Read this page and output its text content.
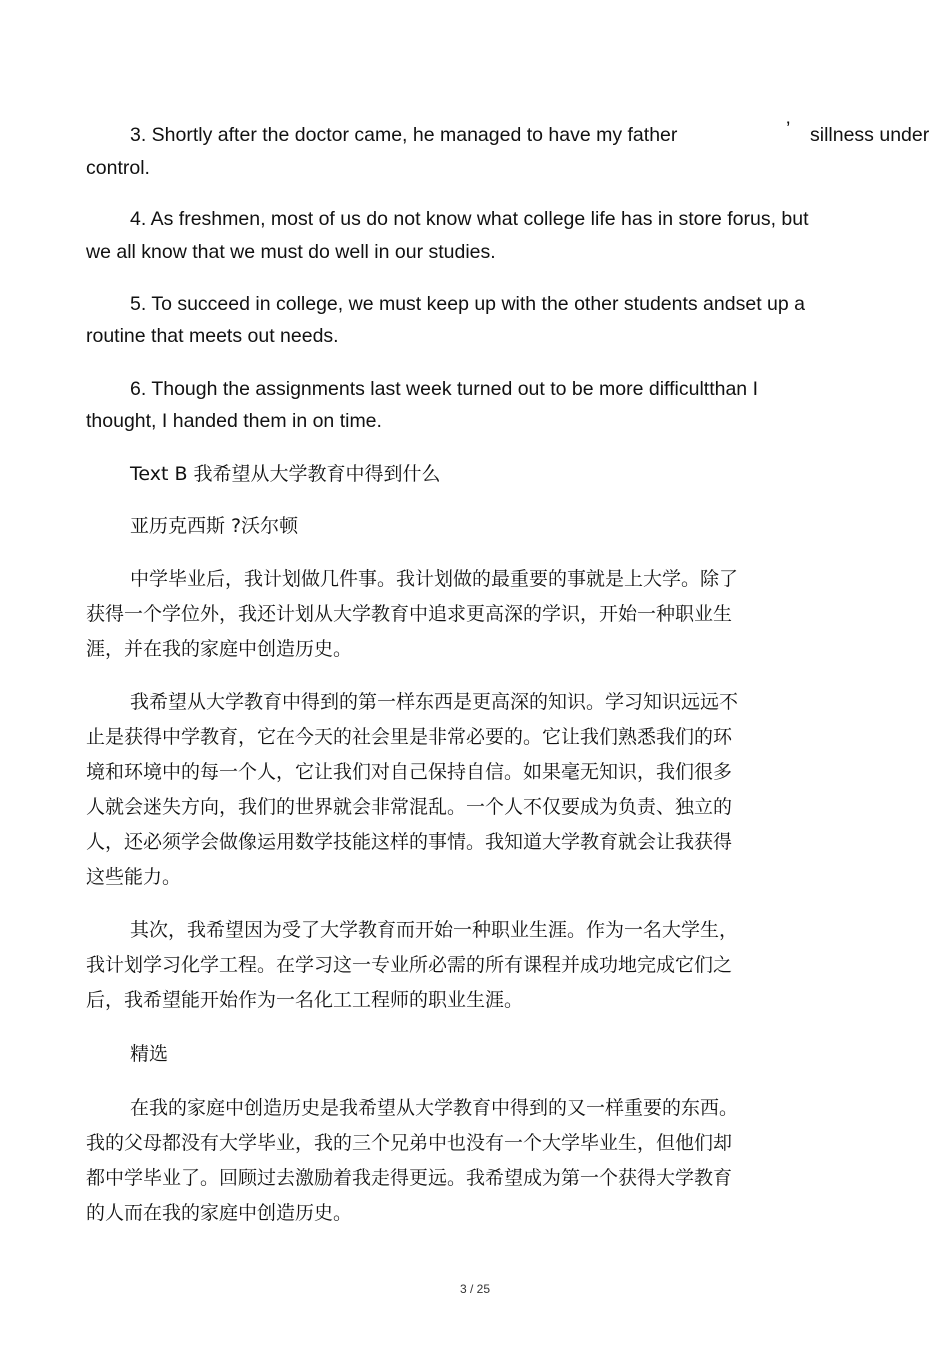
3. Shortly after the doctor came, he managed to have my father	’ sillness under
control.
4. As freshmen, most of us do not know what college life has in store forus, but
we all know that we must do well in our studies.
5. To succeed in college, we must keep up with the other students andset up a
routine that meets out needs.
6. Though the assignments last week turned out to be more difficultthan I
thought, I handed them in on time.
Text B 我希望从大学教育中得到什么
亚历克西斯 ?沃尔顿
中学毕业后，我计划做几件事。我计划做的最重要的事就是上大学。除了
获得一个学位外，我还计划从大学教育中追求更高深的学识，开始一种职业生
涯，并在我的家庭中创造历史。
我希望从大学教育中得到的第一样东西是更高深的知识。学习知识远远不
止是获得中学教育，它在今天的社会里是非常必要的。它让我们熟悉我们的环
境和环境中的每一个人，它让我们对自己保持自信。如果毫无知识，我们很多
人就会迷失方向，我们的世界就会非常混乱。一个人不仅要成为负责、独立的
人，还必须学会做像运用数学技能这样的事情。我知道大学教育就会让我获得
这些能力。
其次，我希望因为受了大学教育而开始一种职业生涯。作为一名大学生，
我计划学习化学工程。在学习这一专业所必需的所有课程并成功地完成它们之
后，我希望能开始作为一名化工工程师的职业生涯。
精选
在我的家庭中创造历史是我希望从大学教育中得到的又一样重要的东西。
我的父母都没有大学毕业，我的三个兄弟中也没有一个大学毕业生，但他们却
都中学毕业了。回顾过去激励着我走得更远。我希望成为第一个获得大学教育
的人而在我的家庭中创造历史。
3 / 25
